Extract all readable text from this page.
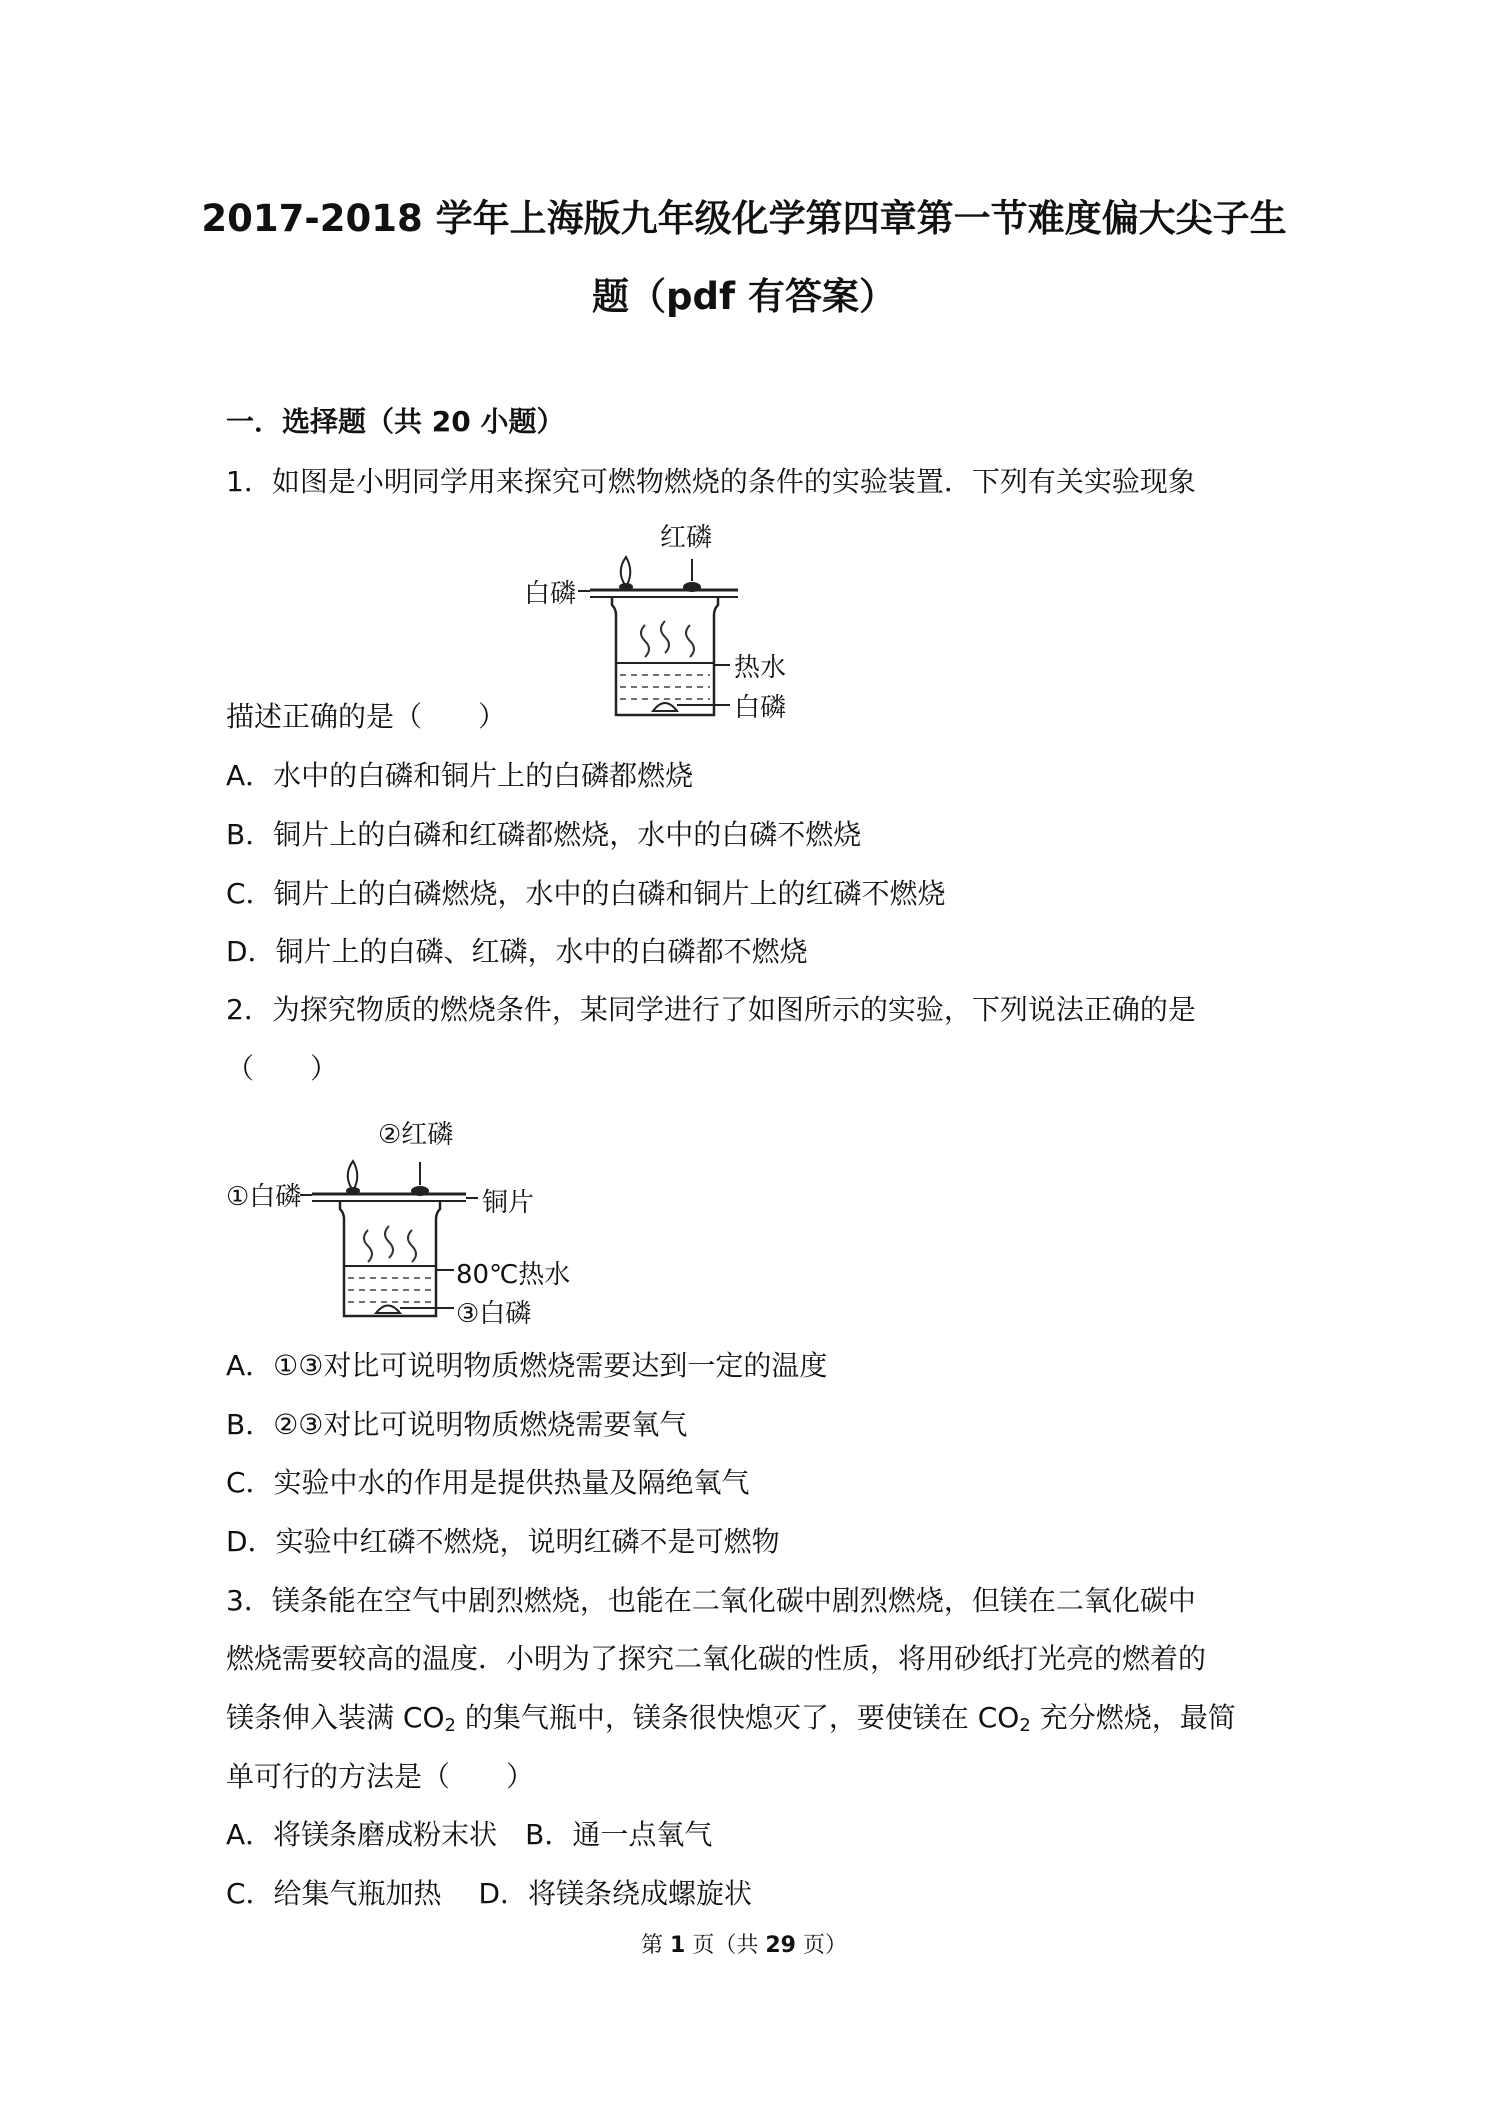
2017-2018 学年上海版九年级化学第四章第一节难度偏大尖子生
题（pdf 有答案）

一．选择题（共 20 小题）

1．如图是小明同学用来探究可燃物燃烧的条件的实验装置．下列有关实验现象

红磷
白磷
热水
白磷

描述正确的是（　　）

A．水中的白磷和铜片上的白磷都燃烧

B．铜片上的白磷和红磷都燃烧，水中的白磷不燃烧

C．铜片上的白磷燃烧，水中的白磷和铜片上的红磷不燃烧

D．铜片上的白磷、红磷，水中的白磷都不燃烧

2．为探究物质的燃烧条件，某同学进行了如图所示的实验，下列说法正确的是

（　　）

②红磷
①白磷	铜片
80℃热水
③白磷

A．①③对比可说明物质燃烧需要达到一定的温度

B．②③对比可说明物质燃烧需要氧气

C．实验中水的作用是提供热量及隔绝氧气

D．实验中红磷不燃烧，说明红磷不是可燃物

3．镁条能在空气中剧烈燃烧，也能在二氧化碳中剧烈燃烧，但镁在二氧化碳中

燃烧需要较高的温度．小明为了探究二氧化碳的性质，将用砂纸打光亮的燃着的

镁条伸入装满 $CO_2$ 的集气瓶中，镁条很快熄灭了，要使镁在 $CO_2$ 充分燃烧，最简

单可行的方法是（　　）

A．将镁条磨成粉末状　B．通一点氧气

C．给集气瓶加热　 D．将镁条绕成螺旋状

第 1 页（共 29 页）
